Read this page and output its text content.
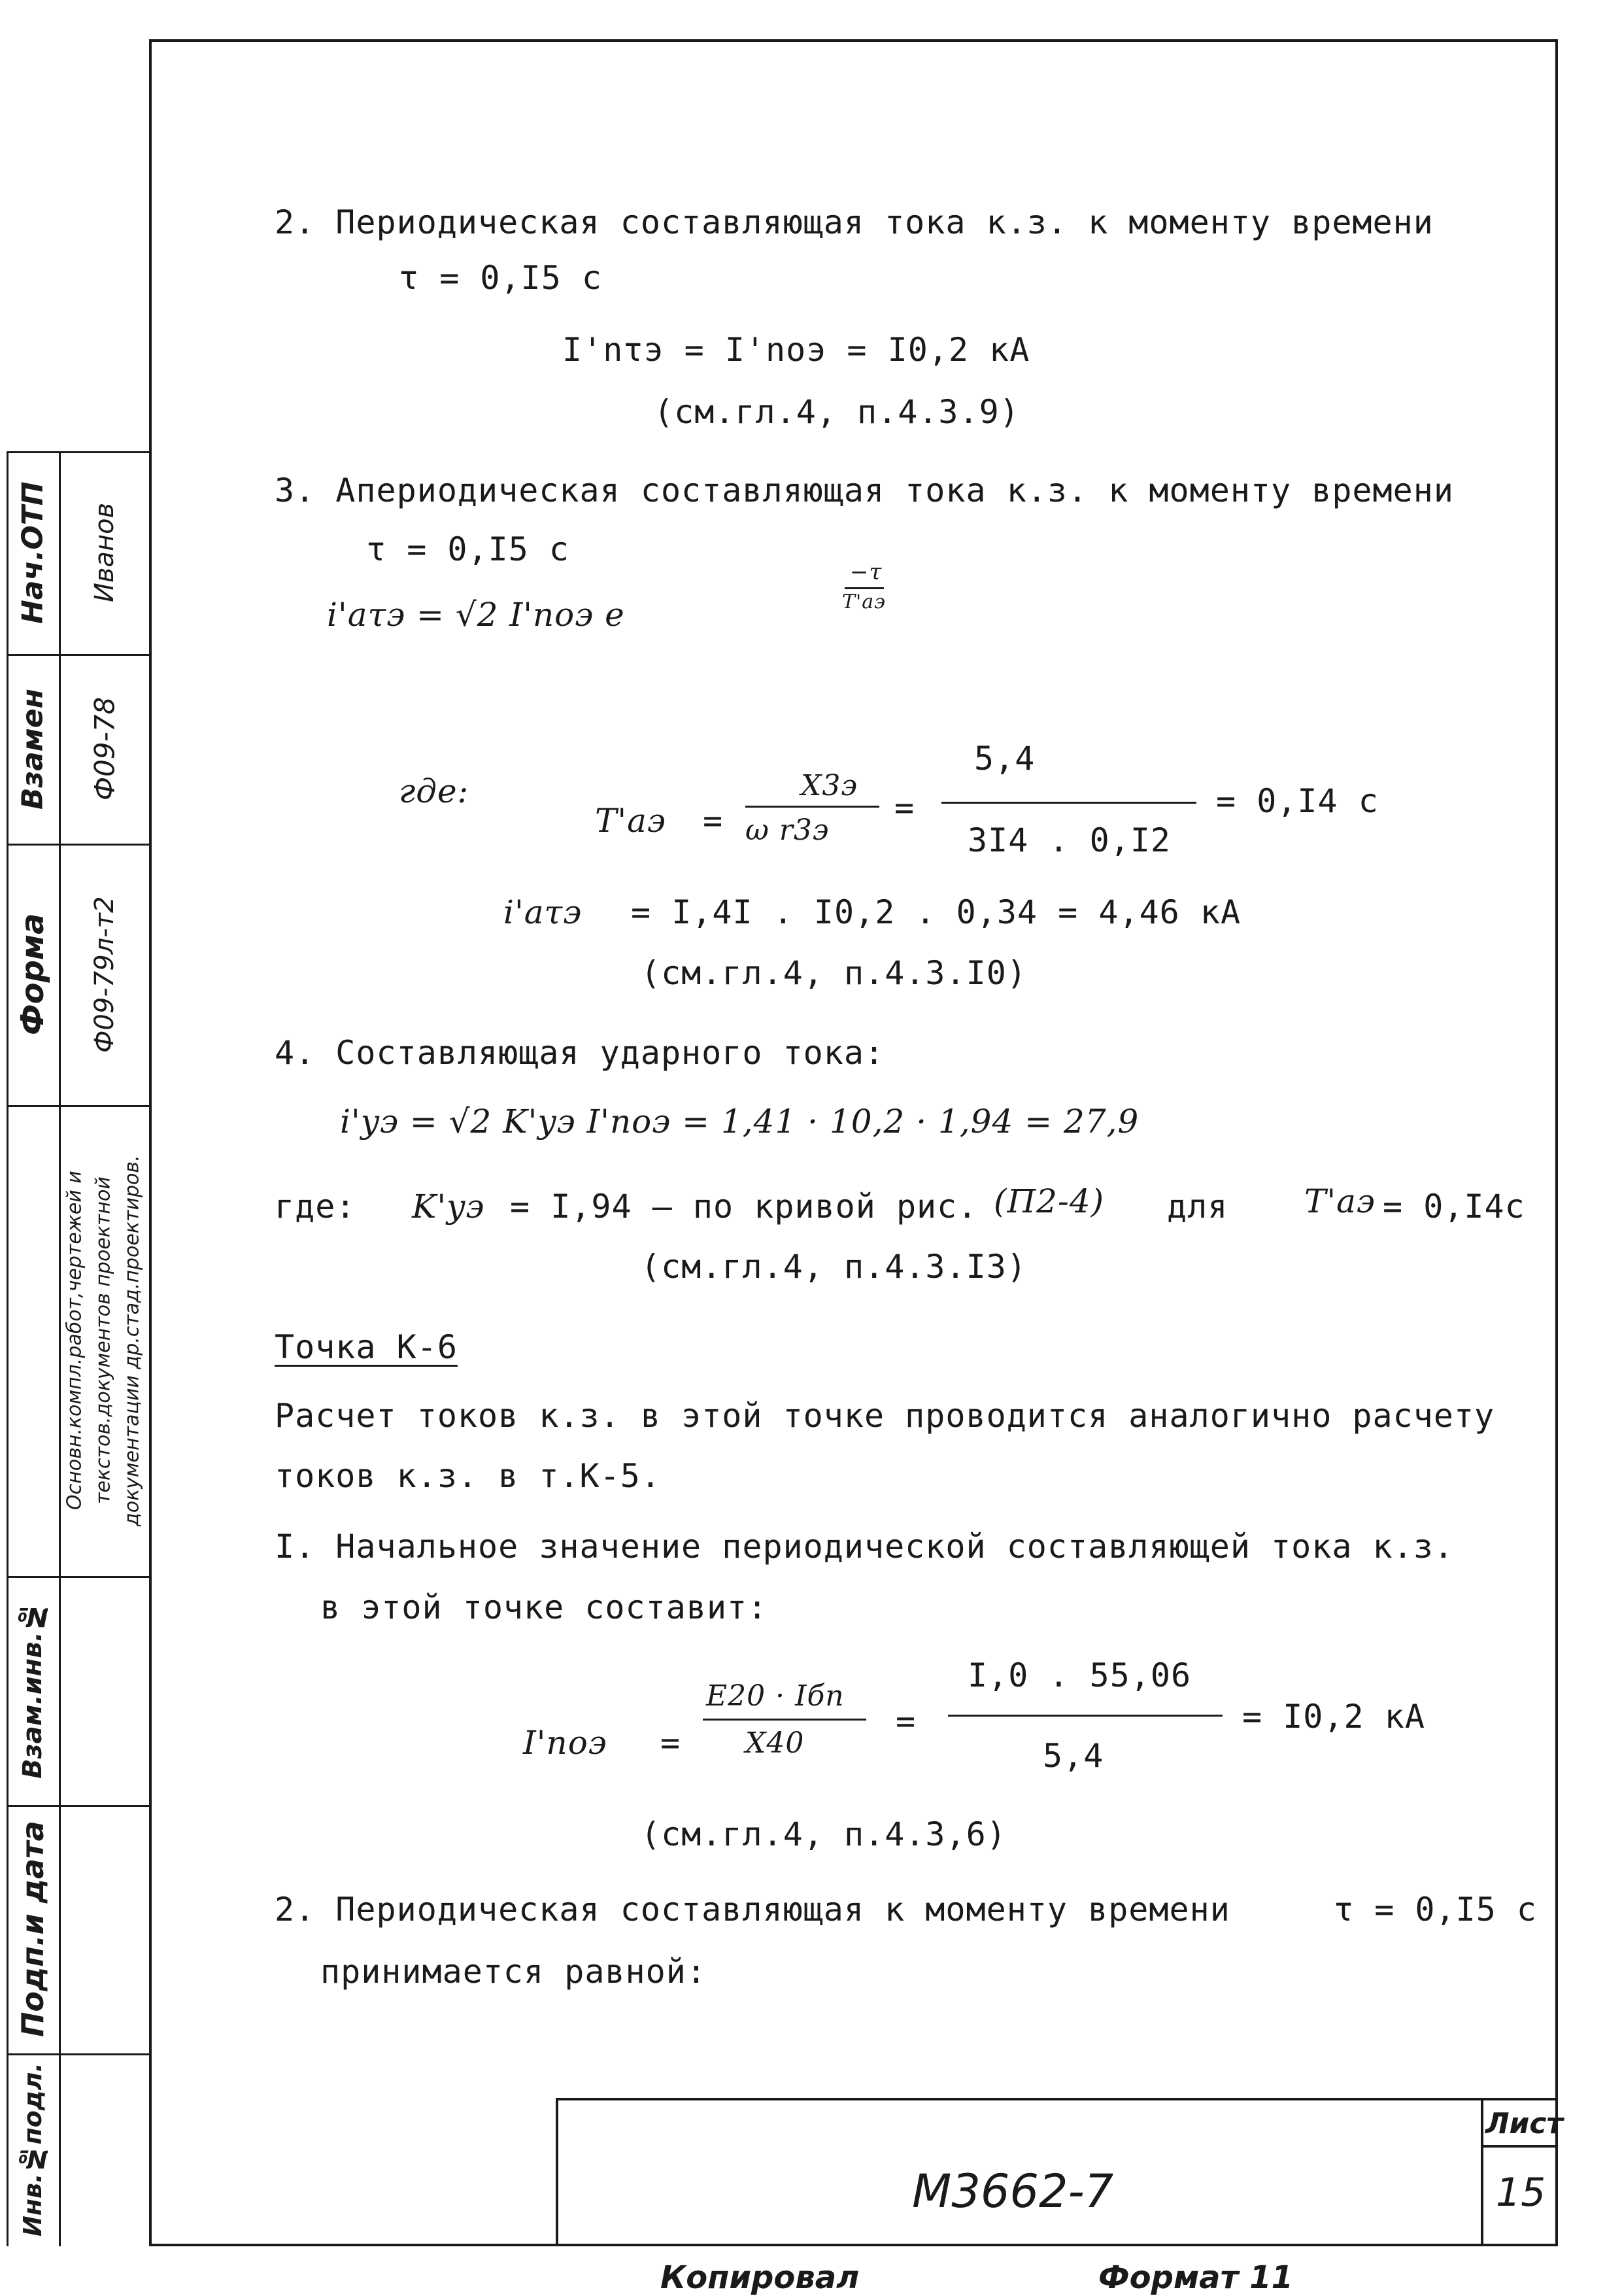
Нач.ОТП	Иванов
Взамен	Ф09-78
Форма	Ф09-79л-т2
Основн.компл.работ,чертежей и текстов.документов проектной документации др.стад.проектиров.
Взам.инв.№
Подп.и дата
Инв.№подл.
2. Периодическая составляющая тока к.з. к моменту времени
τ = 0,I5 с
I'nτэ = I'nоэ = I0,2 кА
(см.гл.4, п.4.3.9)
3. Апериодическая составляющая тока к.з. к моменту времени
τ = 0,I5 с
i'aτэ = √2 I'nоэ e
−τ
T'aэ
где:
T'aэ =
X3э
ω r3э
=
5,4
3I4 . 0,I2
= 0,I4 с
i'aτэ = I,4I . I0,2 . 0,34 = 4,46 кА
(см.гл.4, п.4.3.I0)
4. Составляющая ударного тока:
i'yэ = √2 K'yэ I'nоэ = 1,41 · 10,2 · 1,94 = 27,9
где: K'yэ = I,94 – по кривой рис. (П2-4) для T'aэ = 0,I4с
(см.гл.4, п.4.3.I3)
Точка К-6
Расчет токов к.з. в этой точке проводится аналогично расчету
токов к.з. в т.К-5.
I. Начальное значение периодической составляющей тока к.з.
в этой точке составит:
I'nоэ =
E20 · Iбп
X40
=
I,0 . 55,06
5,4
= I0,2 кА
(см.гл.4, п.4.3,6)
2. Периодическая составляющая к моменту времени	τ = 0,I5 с
принимается равной:
М3662-7
Лист
15
Копировал	Формат 11
